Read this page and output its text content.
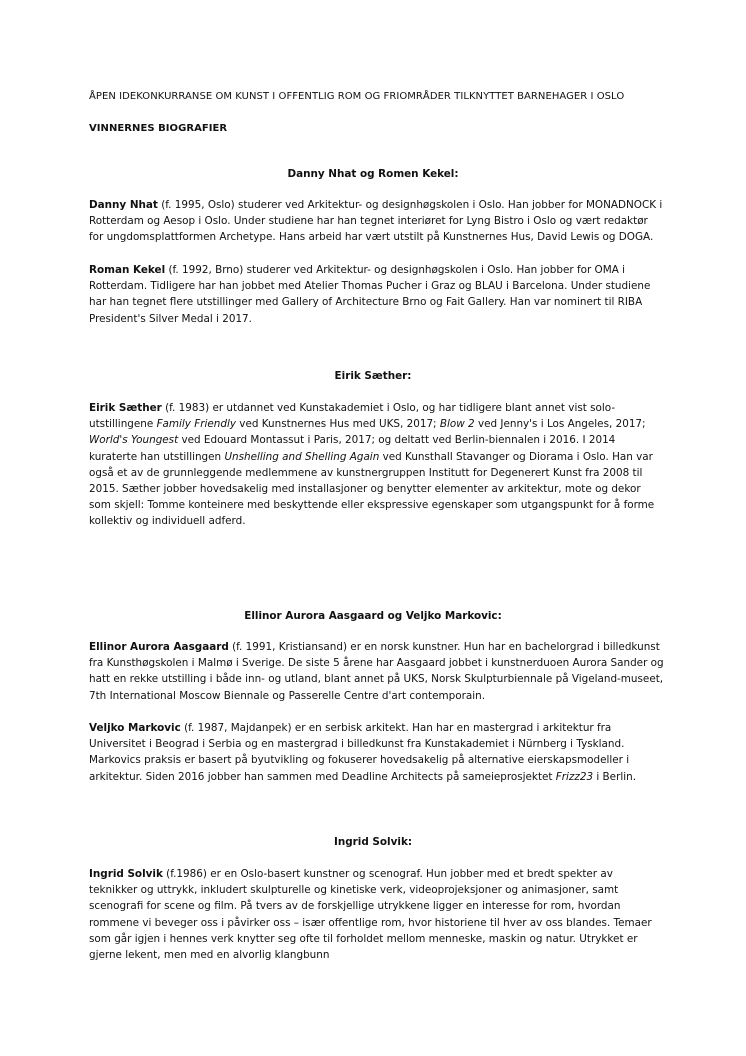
ÅPEN IDEKONKURRANSE OM KUNST I OFFENTLIG ROM OG FRIOMRÅDER TILKNYTTET BARNEHAGER I OSLO
VINNERNES BIOGRAFIER
Danny Nhat og Romen Kekel:

Danny Nhat (f. 1995, Oslo) studerer ved Arkitektur- og designhøgskolen i Oslo. Han jobber for MONADNOCK i Rotterdam og Aesop i Oslo. Under studiene har han tegnet interiøret for Lyng Bistro i Oslo og vært redaktør for ungdomsplattformen Archetype. Hans arbeid har vært utstilt på Kunstnernes Hus, David Lewis og DOGA.

Roman Kekel (f. 1992, Brno) studerer ved Arkitektur- og designhøgskolen i Oslo. Han jobber for OMA i Rotterdam. Tidligere har han jobbet med Atelier Thomas Pucher i Graz og BLAU i Barcelona. Under studiene har han tegnet flere utstillinger med Gallery of Architecture Brno og Fait Gallery. Han var nominert til RIBA President's Silver Medal i 2017.

Eirik Sæther:

Eirik Sæther (f. 1983) er utdannet ved Kunstakademiet i Oslo, og har tidligere blant annet vist solo-utstillingene Family Friendly ved Kunstnernes Hus med UKS, 2017; Blow 2 ved Jenny's i Los Angeles, 2017; World's Youngest ved Edouard Montassut i Paris, 2017; og deltatt ved Berlin-biennalen i 2016. I 2014 kuraterte han utstillingen Unshelling and Shelling Again ved Kunsthall Stavanger og Diorama i Oslo. Han var også et av de grunnleggende medlemmene av kunstnergruppen Institutt for Degenerert Kunst fra 2008 til 2015. Sæther jobber hovedsakelig med installasjoner og benytter elementer av arkitektur, mote og dekor som skjell: Tomme konteinere med beskyttende eller ekspressive egenskaper som utgangspunkt for å forme kollektiv og individuell adferd.

Ellinor Aurora Aasgaard og Veljko Markovic:

Ellinor Aurora Aasgaard (f. 1991, Kristiansand) er en norsk kunstner. Hun har en bachelorgrad i billedkunst fra Kunsthøgskolen i Malmø i Sverige. De siste 5 årene har Aasgaard jobbet i kunstnerduoen Aurora Sander og hatt en rekke utstilling i både inn- og utland, blant annet på UKS, Norsk Skulpturbiennale på Vigeland-museet, 7th International Moscow Biennale og Passerelle Centre d'art contemporain.

Veljko Markovic (f. 1987, Majdanpek) er en serbisk arkitekt. Han har en mastergrad i arkitektur fra Universitet i Beograd i Serbia og en mastergrad i billedkunst fra Kunstakademiet i Nürnberg i Tyskland. Markovics praksis er basert på byutvikling og fokuserer hovedsakelig på alternative eierskapsmodeller i arkitektur. Siden 2016 jobber han sammen med Deadline Architects på sameieprosjektet Frizz23 i Berlin.

Ingrid Solvik:

Ingrid Solvik (f.1986) er en Oslo-basert kunstner og scenograf. Hun jobber med et bredt spekter av teknikker og uttrykk, inkludert skulpturelle og kinetiske verk, videoprojeksjoner og animasjoner, samt scenografi for scene og film. På tvers av de forskjellige utrykkene ligger en interesse for rom, hvordan rommene vi beveger oss i påvirker oss – især offentlige rom, hvor historiene til hver av oss blandes. Temaer som går igjen i hennes verk knytter seg ofte til forholdet mellom menneske, maskin og natur. Utrykket er gjerne lekent, men med en alvorlig klangbunn
